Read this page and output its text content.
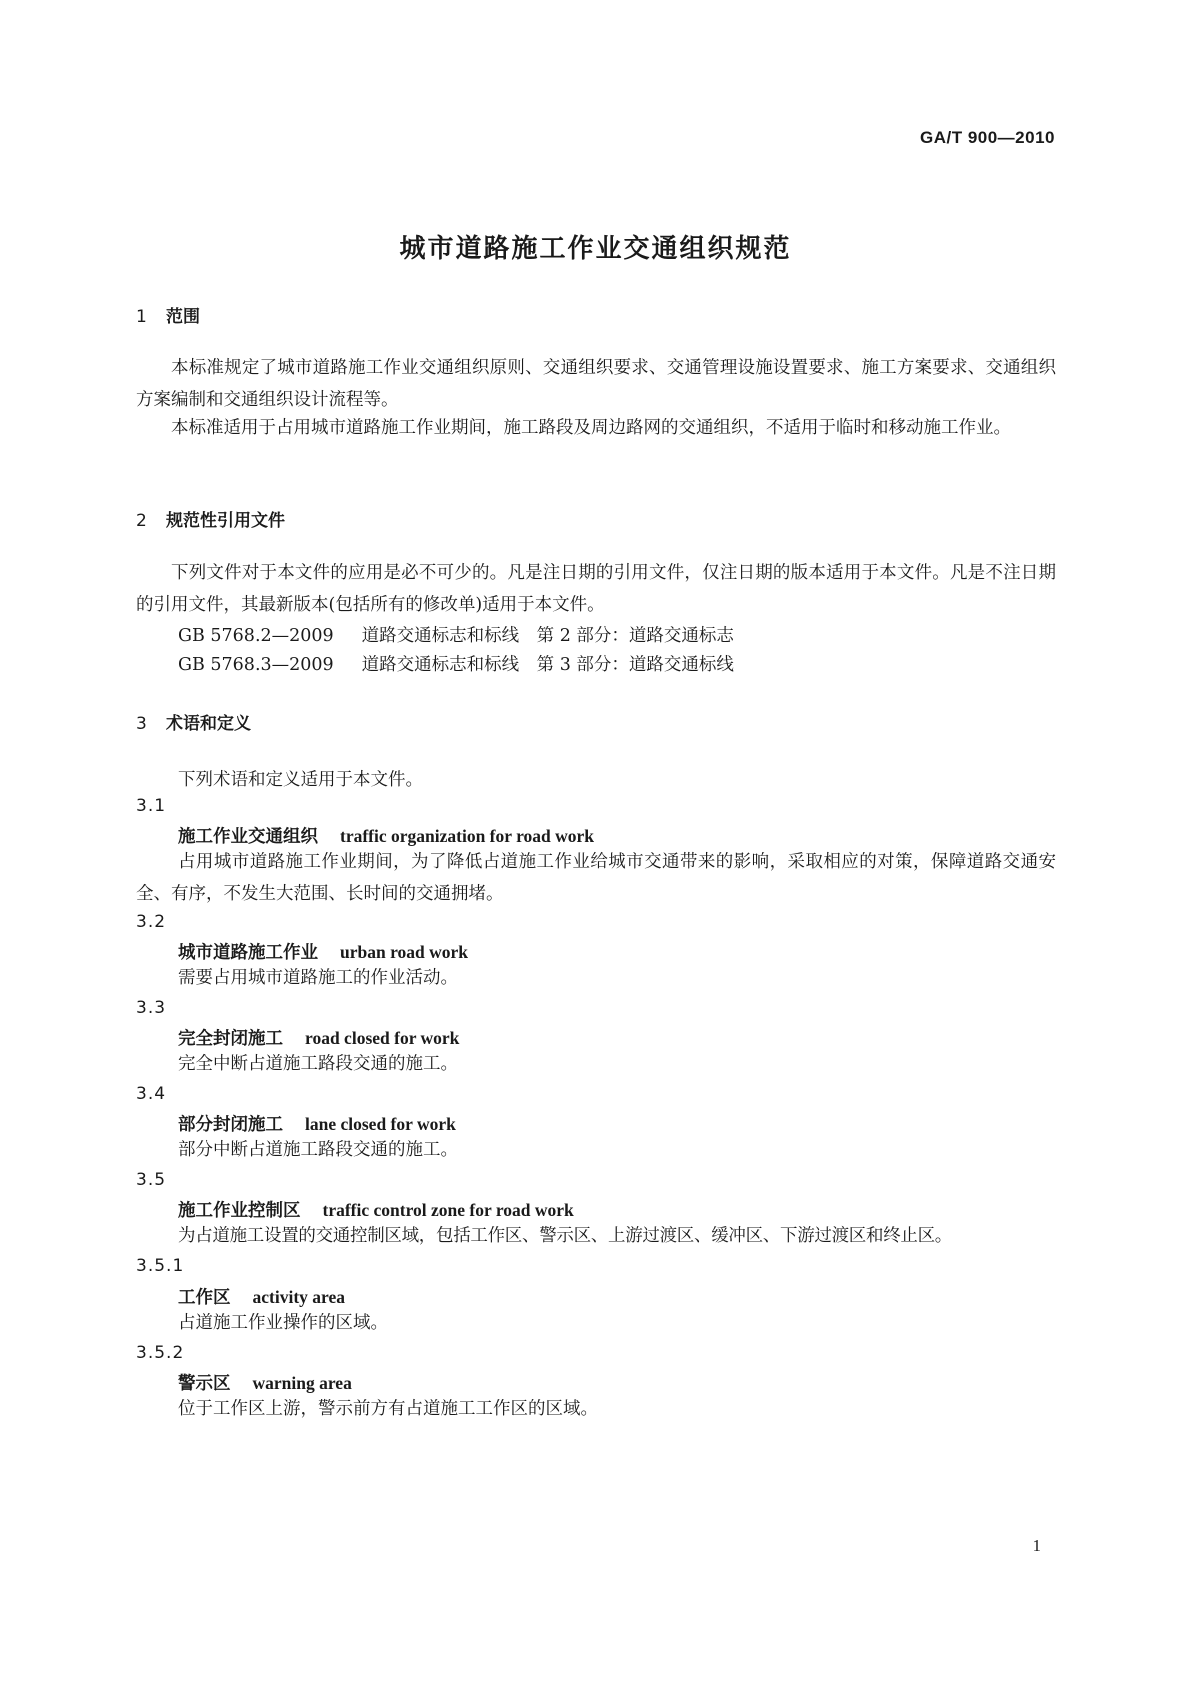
GA/T 900—2010
城市道路施工作业交通组织规范
1 范围
本标准规定了城市道路施工作业交通组织原则、交通组织要求、交通管理设施设置要求、施工方案要求、交通组织方案编制和交通组织设计流程等。
本标准适用于占用城市道路施工作业期间，施工路段及周边路网的交通组织，不适用于临时和移动施工作业。
2 规范性引用文件
下列文件对于本文件的应用是必不可少的。凡是注日期的引用文件，仅注日期的版本适用于本文件。凡是不注日期的引用文件，其最新版本(包括所有的修改单)适用于本文件。
GB 5768.2—2009 道路交通标志和标线　第 2 部分：道路交通标志
GB 5768.3—2009 道路交通标志和标线　第 3 部分：道路交通标线
3 术语和定义
下列术语和定义适用于本文件。
3.1
施工作业交通组织 traffic organization for road work
占用城市道路施工作业期间，为了降低占道施工作业给城市交通带来的影响，采取相应的对策，保障道路交通安全、有序，不发生大范围、长时间的交通拥堵。
3.2
城市道路施工作业 urban road work
需要占用城市道路施工的作业活动。
3.3
完全封闭施工 road closed for work
完全中断占道施工路段交通的施工。
3.4
部分封闭施工 lane closed for work
部分中断占道施工路段交通的施工。
3.5
施工作业控制区 traffic control zone for road work
为占道施工设置的交通控制区域，包括工作区、警示区、上游过渡区、缓冲区、下游过渡区和终止区。
3.5.1
工作区 activity area
占道施工作业操作的区域。
3.5.2
警示区 warning area
位于工作区上游，警示前方有占道施工工作区的区域。
1
